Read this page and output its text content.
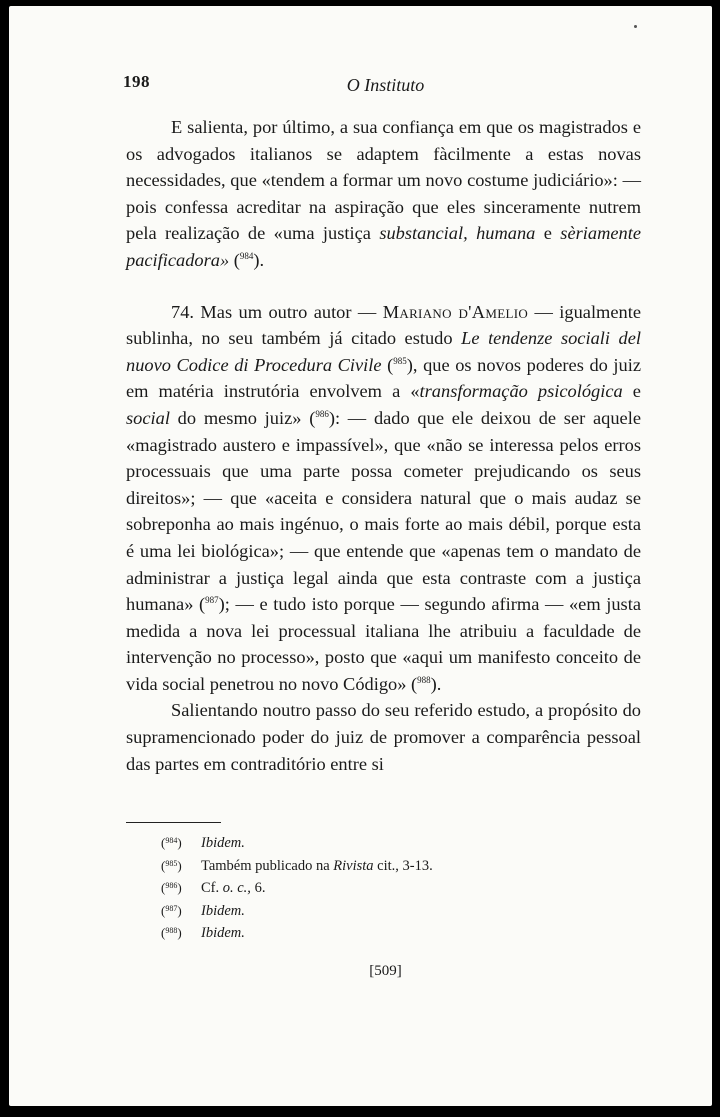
198	O Instituto

E salienta, por último, a sua confiança em que os magistrados e os advogados italianos se adaptem fàcilmente a estas novas necessidades, que «tendem a formar um novo costume judiciário»: — pois confessa acreditar na aspiração que eles sinceramente nutrem pela realização de «uma justiça substancial, humana e sèriamente pacificadora» ($^{984}$).

74. Mas um outro autor — Mariano d'Amelio — igualmente sublinha, no seu também já citado estudo Le tendenze sociali del nuovo Codice di Procedura Civile ($^{985}$), que os novos poderes do juiz em matéria instrutória envolvem a «transformação psicológica e social do mesmo juiz» ($^{986}$): — dado que ele deixou de ser aquele «magistrado austero e impassível», que «não se interessa pelos erros processuais que uma parte possa cometer prejudicando os seus direitos»; — que «aceita e considera natural que o mais audaz se sobreponha ao mais ingénuo, o mais forte ao mais débil, porque esta é uma lei biológica»; — que entende que «apenas tem o mandato de administrar a justiça legal ainda que esta contraste com a justiça humana» ($^{987}$); — e tudo isto porque — segundo afirma — «em justa medida a nova lei processual italiana lhe atribuiu a faculdade de intervenção no processo», posto que «aqui um manifesto conceito de vida social penetrou no novo Código» ($^{988}$).

Salientando noutro passo do seu referido estudo, a propósito do supramencionado poder do juiz de promover a comparência pessoal das partes em contraditório entre si

($^{984}$)	Ibidem.
($^{985}$)	Também publicado na Rivista cit., 3-13.
($^{986}$)	Cf. o. c., 6.
($^{987}$)	Ibidem.
($^{988}$)	Ibidem.
[509]
